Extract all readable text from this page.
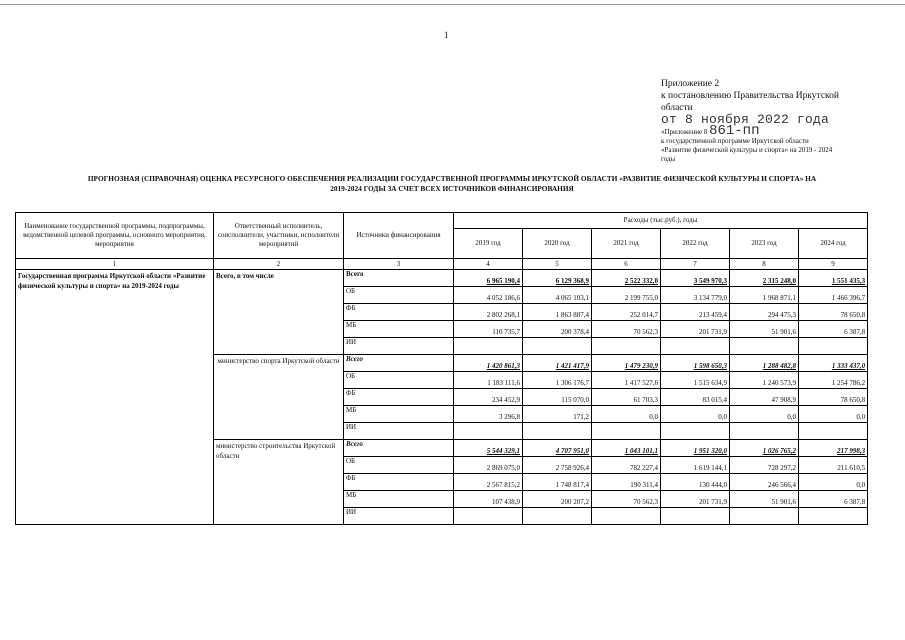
1
Приложение 2
к постановлению Правительства Иркутской
области
от 8 ноября 2022 года
«Приложение 8 861-пп
к государственной программе Иркутской области
«Развитие физической культуры и спорта» на 2019 - 2024
годы
ПРОГНОЗНАЯ (СПРАВОЧНАЯ) ОЦЕНКА РЕСУРСНОГО ОБЕСПЕЧЕНИЯ РЕАЛИЗАЦИИ ГОСУДАРСТВЕННОЙ ПРОГРАММЫ ИРКУТСКОЙ ОБЛАСТИ «РАЗВИТИЕ ФИЗИЧЕСКОЙ КУЛЬТУРЫ И СПОРТА» НА
2019-2024 ГОДЫ ЗА СЧЕТ ВСЕХ ИСТОЧНИКОВ ФИНАНСИРОВАНИЯ
Наименование государственной программы, подпрограммы, ведомственной целевой программы, основного мероприятия, мероприятия	Ответственный исполнитель, соисполнители, участники, исполнители мероприятий	Источники финансирования	Расходы (тыс.руб.), годы					
			2019 год	2020 год	2021 год	2022 год	2023 год	2024 год
1	2	3	4	5	6	7	8	9
Государственная программа Иркутской области «Развитие физической культуры и спорта» на 2019-2024 годы	Всего, в том числе	Всего	6 965 190,4	6 129 368,9	2 522 332,0	3 549 970,3	2 315 248,0	1 551 435,3
		ОБ	4 052 186,6	4 065 103,1	2 199 755,0	3 134 779,0	1 968 871,1	1 466 396,7
		ФБ	2 802 268,1	1 863 887,4	252 014,7	213 459,4	294 475,3	78 650,8
		МБ	110 735,7	200 378,4	70 562,3	201 731,9	51 901,6	6 387,8
		ИИ						
	министерство спорта Иркутской области	Всего	1 420 861,3	1 421 417,9	1 479 230,9	1 598 650,3	1 288 482,8	1 333 437,0
		ОБ	1 183 111,6	1 306 176,7	1 417 527,6	1 515 634,9	1 240 573,9	1 254 786,2
		ФБ	234 452,9	115 070,0	61 703,3	83 015,4	47 908,9	78 650,8
		МБ	3 296,8	171,2	0,0	0,0	0,0	0,0
		ИИ						
	министерство строительства Иркутской области	Всего	5 544 329,1	4 707 951,0	1 043 101,1	1 951 320,0	1 026 765,2	217 998,3
		ОБ	2 869 075,0	2 758 926,4	782 227,4	1 619 144,1	728 297,2	211 610,5
		ФБ	2 567 815,2	1 748 817,4	190 311,4	130 444,0	246 566,4	0,0
		МБ	107 438,9	200 207,2	70 562,3	201 731,9	51 901,6	6 387,8
		ИИ						
